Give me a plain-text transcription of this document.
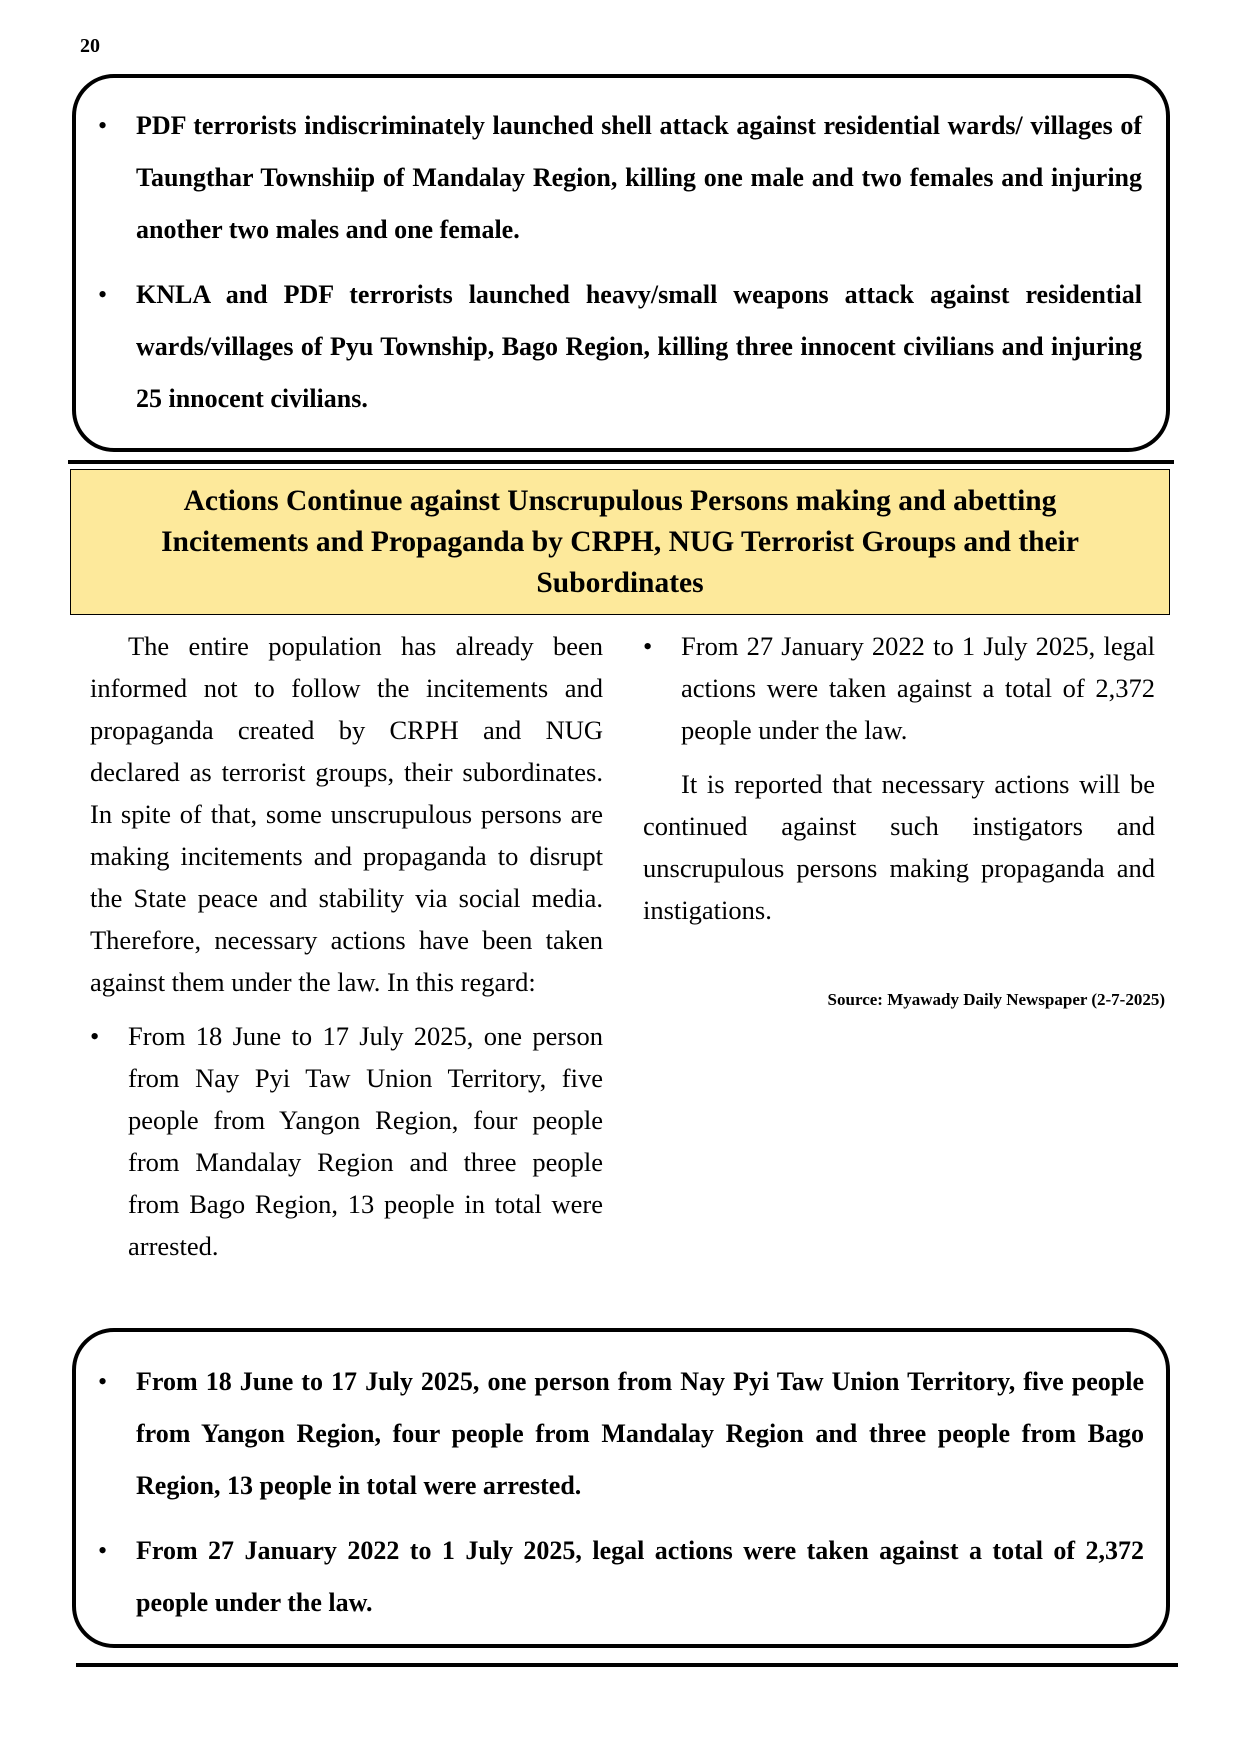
20
• PDF terrorists indiscriminately launched shell attack against residential wards/ villages of Taungthar Townshiip of Mandalay Region, killing one male and two females and injuring another two males and one female.
• KNLA and PDF terrorists launched heavy/small weapons attack against residential wards/villages of Pyu Township, Bago Region, killing three innocent civilians and injuring 25 innocent civilians.
Actions Continue against Unscrupulous Persons making and abetting Incitements and Propaganda by CRPH, NUG Terrorist Groups and their Subordinates

The entire population has already been informed not to follow the incitements and propaganda created by CRPH and NUG declared as terrorist groups, their subordinates. In spite of that, some unscrupulous persons are making incitements and propaganda to disrupt the State peace and stability via social media. Therefore, necessary actions have been taken against them under the law. In this regard:

• From 18 June to 17 July 2025, one person from Nay Pyi Taw Union Territory, five people from Yangon Region, four people from Mandalay Region and three people from Bago Region, 13 people in total were arrested.
• From 27 January 2022 to 1 July 2025, legal actions were taken against a total of 2,372 people under the law.

It is reported that necessary actions will be continued against such instigators and unscrupulous persons making propaganda and instigations.

Source: Myawady Daily Newspaper (2-7-2025)
• From 18 June to 17 July 2025, one person from Nay Pyi Taw Union Territory, five people from Yangon Region, four people from Mandalay Region and three people from Bago Region, 13 people in total were arrested.
• From 27 January 2022 to 1 July 2025, legal actions were taken against a total of 2,372 people under the law.
